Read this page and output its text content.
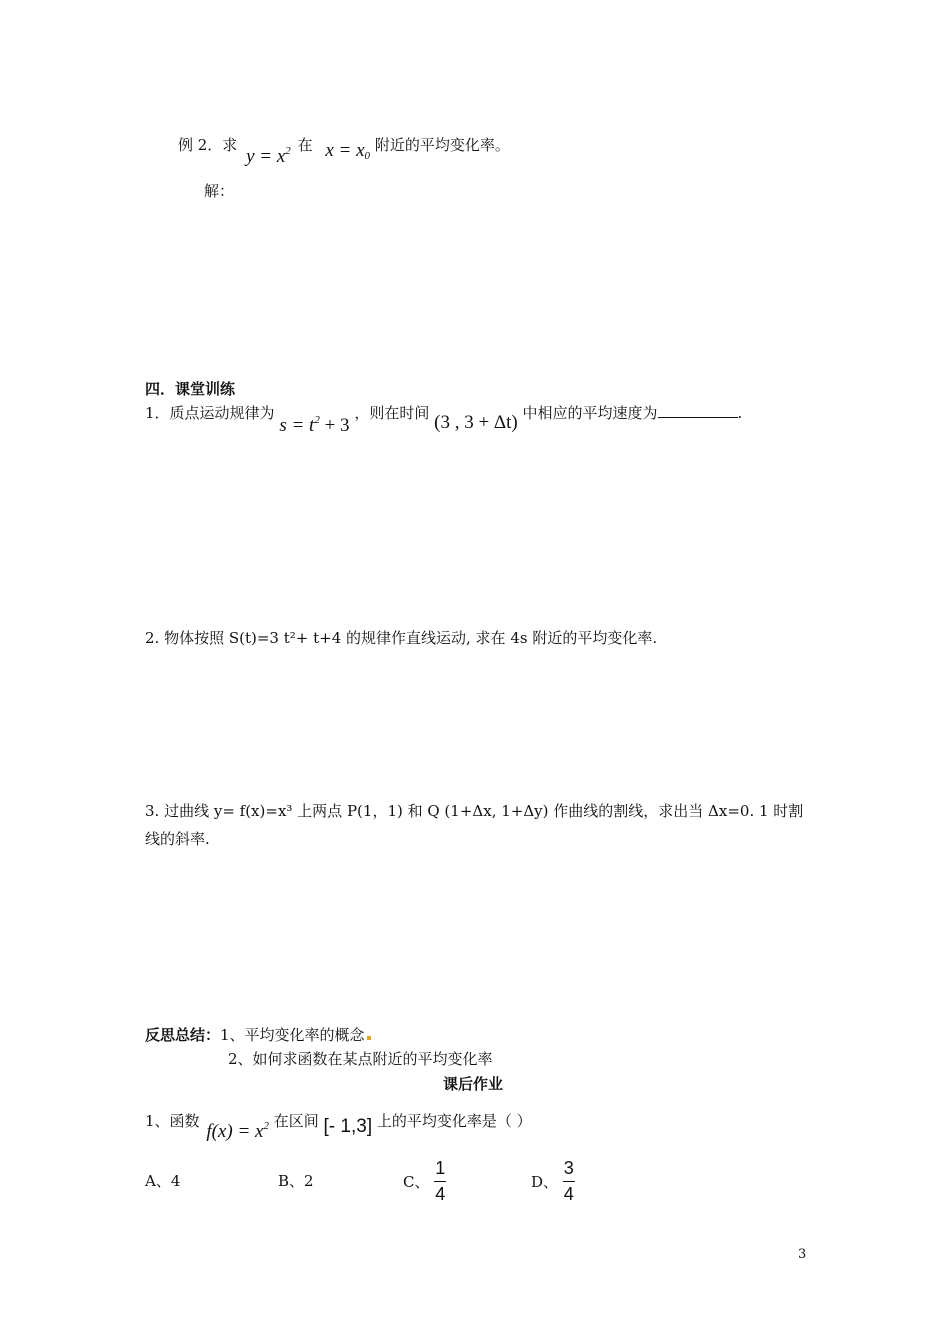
例 2．求 $y = x^2$ 在 $x = x_0$ 附近的平均变化率。
解：
四．课堂训练
1．质点运动规律为 $s = t^2 + 3$ ，则在时间 (3 , 3 + Δt) 中相应的平均速度为	.
2. 物体按照 S(t)=3 t²+ t+4 的规律作直线运动, 求在 4s 附近的平均变化率.
3. 过曲线 y= f(x)=x³ 上两点 P(1，1) 和 Q (1+Δx, 1+Δy) 作曲线的割线，求出当 Δx=0. 1 时割
线的斜率.
反思总结：1、平均变化率的概念
2、如何求函数在某点附近的平均变化率
课后作业
1、函数 $f(x) = x^2$ 在区间 [- 1,3] 上的平均变化率是（ ）
A、4	B、2	C、 $\frac{1}{4}$	D、 $\frac{3}{4}$
3
